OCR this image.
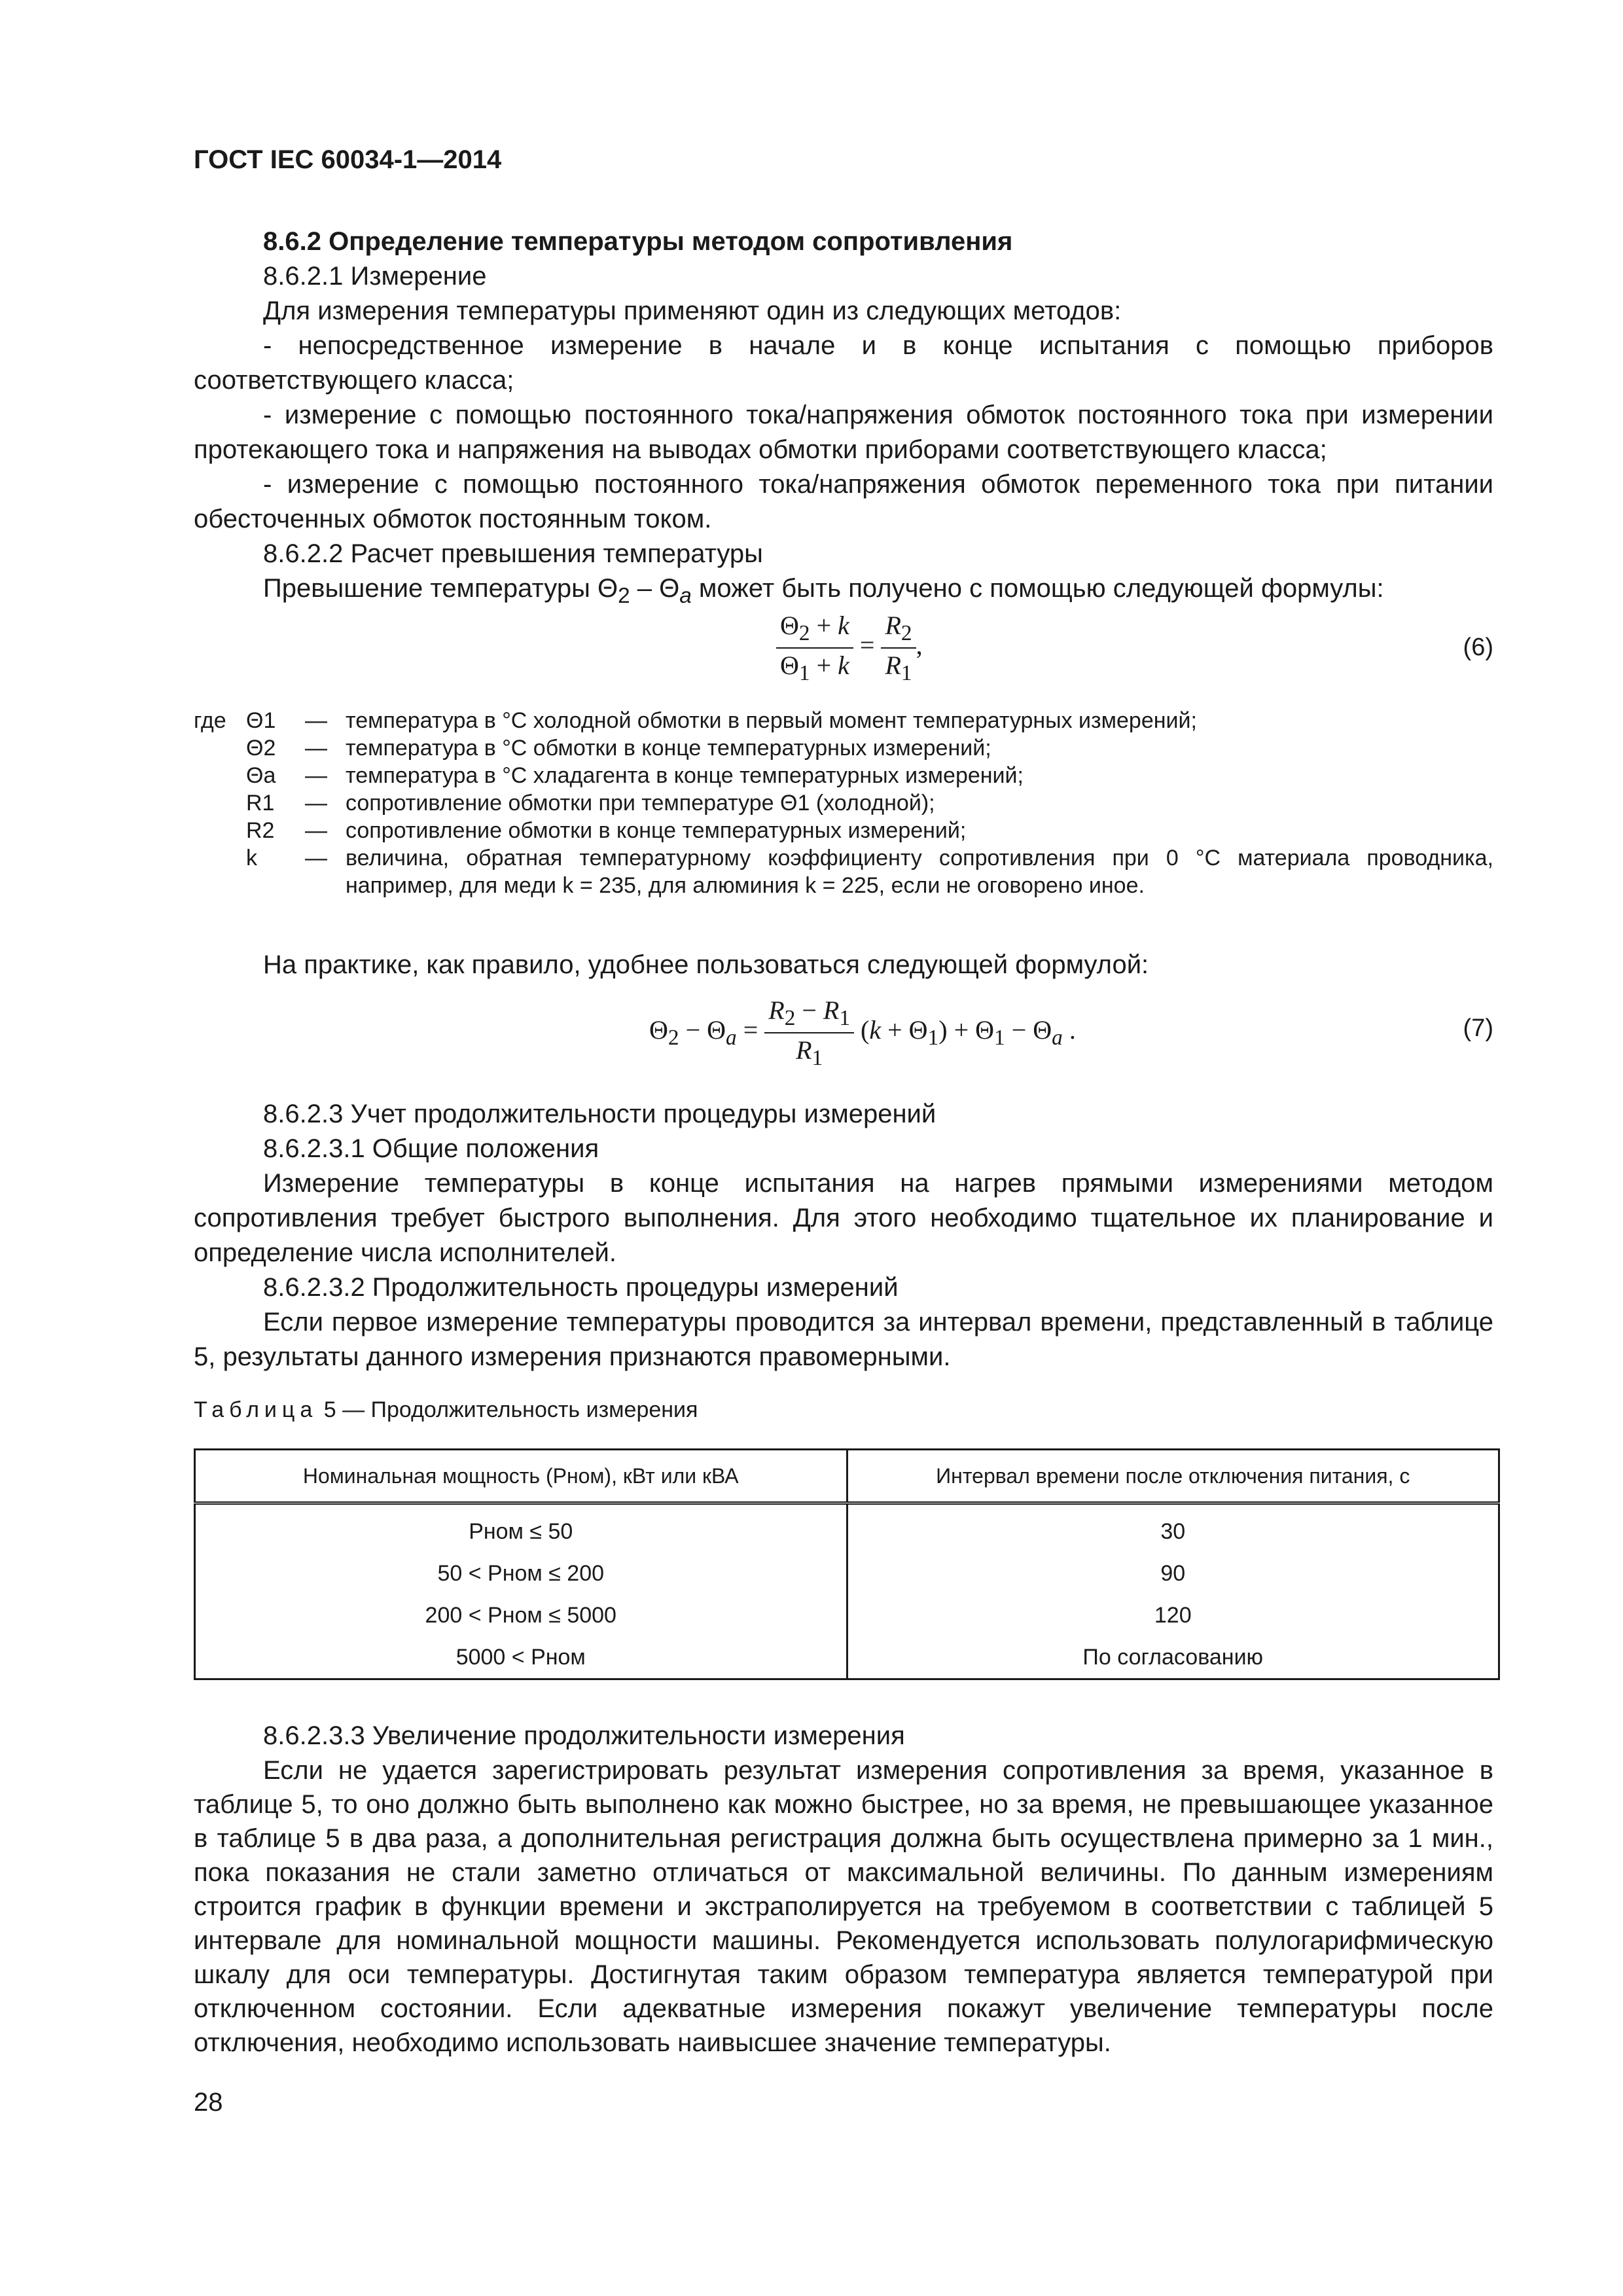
ГОСТ IEC 60034-1—2014
8.6.2 Определение температуры методом сопротивления
8.6.2.1 Измерение
Для измерения температуры применяют один из следующих методов:
- непосредственное измерение в начале и в конце испытания с помощью приборов соответствующего класса;
- измерение с помощью постоянного тока/напряжения обмоток постоянного тока при измерении протекающего тока и напряжения на выводах обмотки приборами соответствующего класса;
- измерение с помощью постоянного тока/напряжения обмоток переменного тока при питании обесточенных обмоток постоянным током.
8.6.2.2 Расчет превышения температуры
Превышение температуры $\Theta_2 - \Theta_a$ может быть получено с помощью следующей формулы:
$\frac{\Theta_2 + k}{\Theta_1 + k} = \frac{R_2}{R_1}$ ,	(6)
где Θ1	— температура в °С холодной обмотки в первый момент температурных измерений;
Θ2	— температура в °С обмотки в конце температурных измерений;
Θa	— температура в °С хладагента в конце температурных измерений;
R1	— сопротивление обмотки при температуре Θ1 (холодной);
R2	— сопротивление обмотки в конце температурных измерений;
k	— величина, обратная температурному коэффициенту сопротивления при 0 °С материала проводника, например, для меди k = 235, для алюминия k = 225, если не оговорено иное.
На практике, как правило, удобнее пользоваться следующей формулой:
$\Theta_2 - \Theta_a = \frac{R_2 - R_1}{R_1} (k + \Theta_1) + \Theta_1 - \Theta_a$ .	(7)
8.6.2.3 Учет продолжительности процедуры измерений
8.6.2.3.1 Общие положения
Измерение температуры в конце испытания на нагрев прямыми измерениями методом сопротивления требует быстрого выполнения. Для этого необходимо тщательное их планирование и определение числа исполнителей.
8.6.2.3.2 Продолжительность процедуры измерений
Если первое измерение температуры проводится за интервал времени, представленный в таблице 5, результаты данного измерения признаются правомерными.
Таблица 5 — Продолжительность измерения
Номинальная мощность (Pном), кВт или кВА	Интервал времени после отключения питания, с
Pном ≤ 50	30
50 < Pном ≤ 200	90
200 < Pном ≤ 5000	120
5000 < Pном	По согласованию
8.6.2.3.3 Увеличение продолжительности измерения
Если не удается зарегистрировать результат измерения сопротивления за время, указанное в таблице 5, то оно должно быть выполнено как можно быстрее, но за время, не превышающее указанное в таблице 5 в два раза, а дополнительная регистрация должна быть осуществлена примерно за 1 мин., пока показания не стали заметно отличаться от максимальной величины. По данным измерениям строится график в функции времени и экстраполируется на требуемом в соответствии с таблицей 5 интервале для номинальной мощности машины. Рекомендуется использовать полулогарифмическую шкалу для оси температуры. Достигнутая таким образом температура является температурой при отключенном состоянии. Если адекватные измерения покажут увеличение температуры после отключения, необходимо использовать наивысшее значение температуры.
28
